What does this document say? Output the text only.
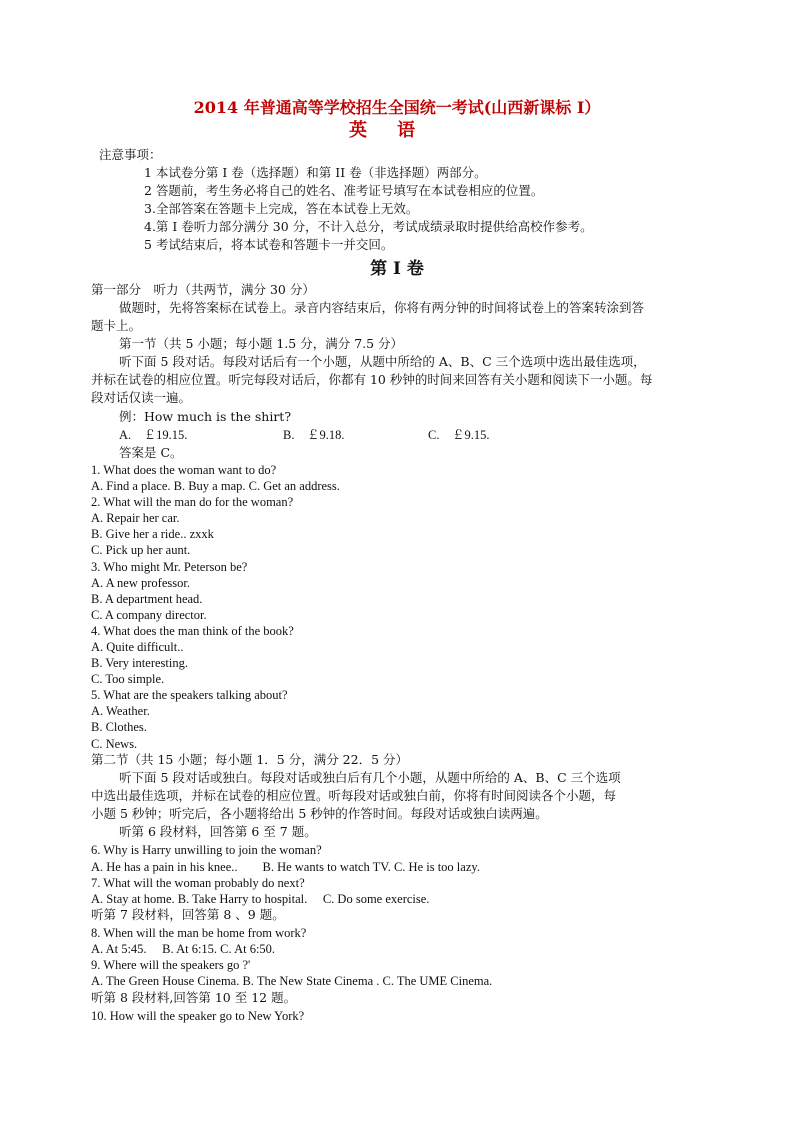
2014 年普通高等学校招生全国统一考试(山西新课标 I）
英语
注意事项：
1 本试卷分第 I 卷（选择题）和第 II 卷（非选择题）两部分。
2 答题前，考生务必将自己的姓名、准考证号填写在本试卷相应的位置。
3.全部答案在答题卡上完成，答在本试卷上无效。
4.第 I 卷听力部分满分 30 分，不计入总分，考试成绩录取时提供给高校作参考。
5 考试结束后，将本试卷和答题卡一并交回。
第 I 卷
第一部分　听力（共两节，满分 30 分）
做题时，先将答案标在试卷上。录音内容结束后，你将有两分钟的时间将试卷上的答案转涂到答
题卡上。
第一节（共 5 小题；每小题 1.5 分，满分 7.5 分）
听下面 5 段对话。每段对话后有一个小题，从题中所给的 A、B、C 三个选项中选出最佳选项，
并标在试卷的相应位置。听完每段对话后，你都有 10 秒钟的时间来回答有关小题和阅读下一小题。每
段对话仅读一遍。
例：How much is the shirt?
A.　￡19.15.	B.　￡9.18.	C.　￡9.15.
答案是 C。
1. What does the woman want to do?
A. Find a place. B. Buy a map. C. Get an address.
2. What will the man do for the woman?
A. Repair her car.
B. Give her a ride.. zxxk
C. Pick up her aunt.
3. Who might Mr. Peterson be?
A. A new professor.
B. A department head.
C. A company director.
4. What does the man think of the book?
A. Quite difficult..
B. Very interesting.
C. Too simple.
5. What are the speakers talking about?
A. Weather.
B. Clothes.
C. News.
第二节（共 15 小题；每小题 1．5 分，满分 22．5 分）
听下面 5 段对话或独白。每段对话或独白后有几个小题，从题中所给的 A、B、C 三个选项
中选出最佳选项，并标在试卷的相应位置。听每段对话或独白前，你将有时间阅读各个小题，每
小题 5 秒钟；听完后，各小题将给出 5 秒钟的作答时间。每段对话或独白读两遍。
听第 6 段材料，回答第 6 至 7 题。
6. Why is Harry unwilling to join the woman?
A. He has a pain in his knee..　　B. He wants to watch TV. C. He is too lazy.
7. What will the woman probably do next?
A. Stay at home. B. Take Harry to hospital.　 C. Do some exercise.
听第 7 段材料，回答第 8 、9 题。
8. When will the man be home from work?
A. At 5:45.　 B. At 6:15. C. At 6:50.
9. Where will the speakers go ?'
A. The Green House Cinema. B. The New State Cinema . C. The UME Cinema.
听第 8 段材料,回答第 10 至 12 题。
10. How will the speaker go to New York?
